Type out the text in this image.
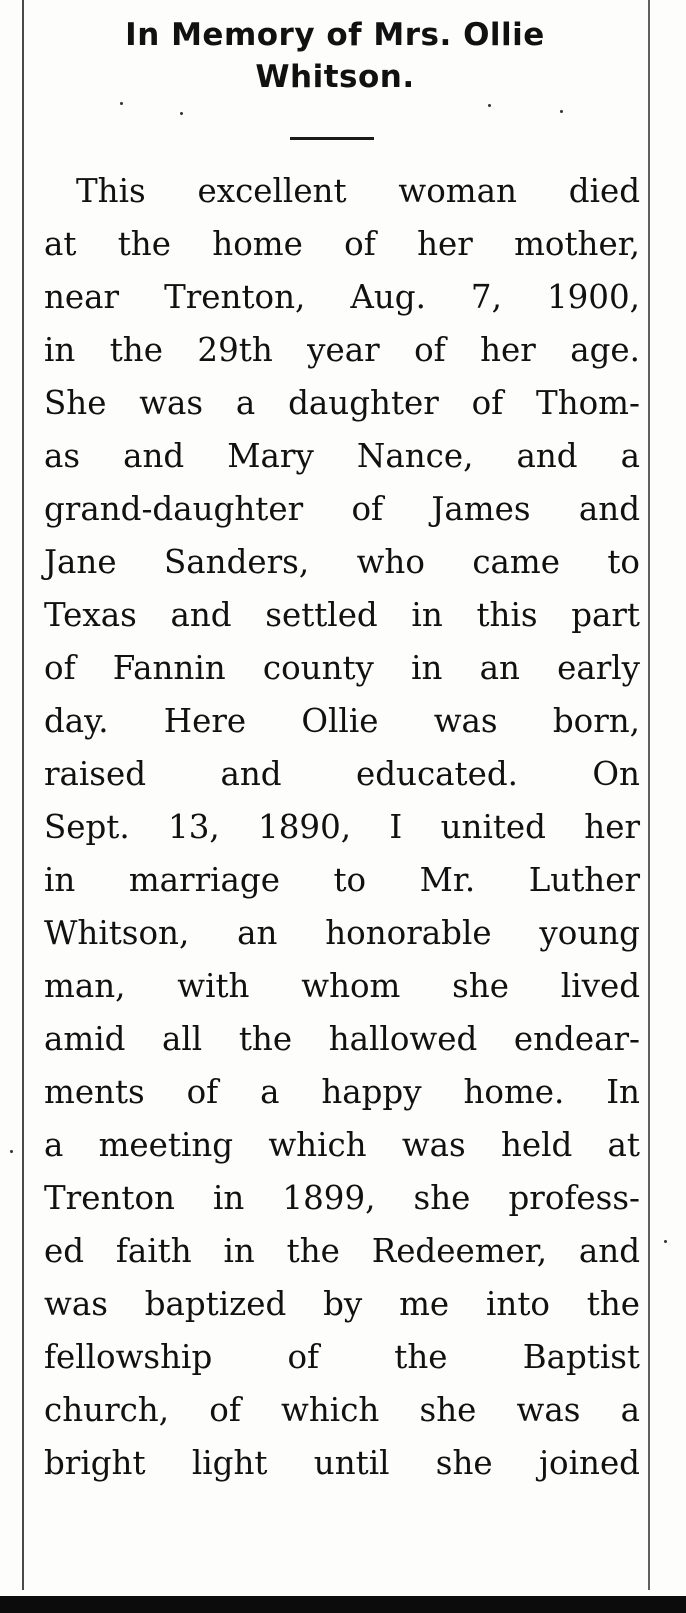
In Memory of Mrs. Ollie
Whitson.
This excellent woman died
at the home of her mother,
near Trenton, Aug. 7, 1900,
in the 29th year of her age.
She was a daughter of Thom-
as and Mary Nance, and a
grand-daughter of James and
Jane Sanders, who came to
Texas and settled in this part
of Fannin county in an early
day. Here Ollie was born,
raised and educated. On
Sept. 13, 1890, I united her
in marriage to Mr. Luther
Whitson, an honorable young
man, with whom she lived
amid all the hallowed endear-
ments of a happy home. In
a meeting which was held at
Trenton in 1899, she profess-
ed faith in the Redeemer, and
was baptized by me into the
fellowship of the Baptist
church, of which she was a
bright light until she joined
